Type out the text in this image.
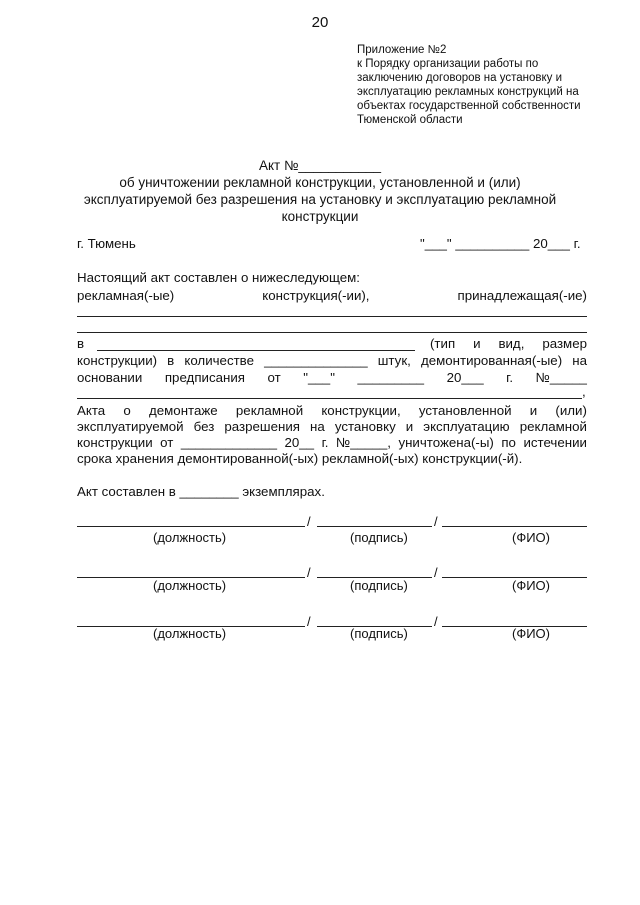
20
Приложение №2
к Порядку организации работы по
заключению договоров на установку и
эксплуатацию рекламных конструкций на
объектах государственной собственности
Тюменской области
Акт №___________
об уничтожении рекламной конструкции, установленной и (или)
эксплуатируемой без разрешения на установку и эксплуатацию рекламной
конструкции
г. Тюмень	"___" __________ 20___ г.
Настоящий акт составлен о нижеследующем:
рекламная(-ые)	конструкция(-ии),	принадлежащая(-ие)
в	(тип и вид, размер
конструкции) в количестве ______________ штук, демонтированная(-ые) на
основании предписания от "___" _________ 20___ г. №_____
,
Акта о демонтаже рекламной конструкции, установленной и (или)
эксплуатируемой без разрешения на установку и эксплуатацию рекламной
конструкции от _____________ 20__ г. №_____, уничтожена(-ы) по истечении
срока хранения демонтированной(-ых) рекламной(-ых) конструкции(-й).
Акт составлен в ________ экземплярах.
/	/
(должность)	(подпись)	(ФИО)
/	/
(должность)	(подпись)	(ФИО)
/	/
(должность)	(подпись)	(ФИО)
